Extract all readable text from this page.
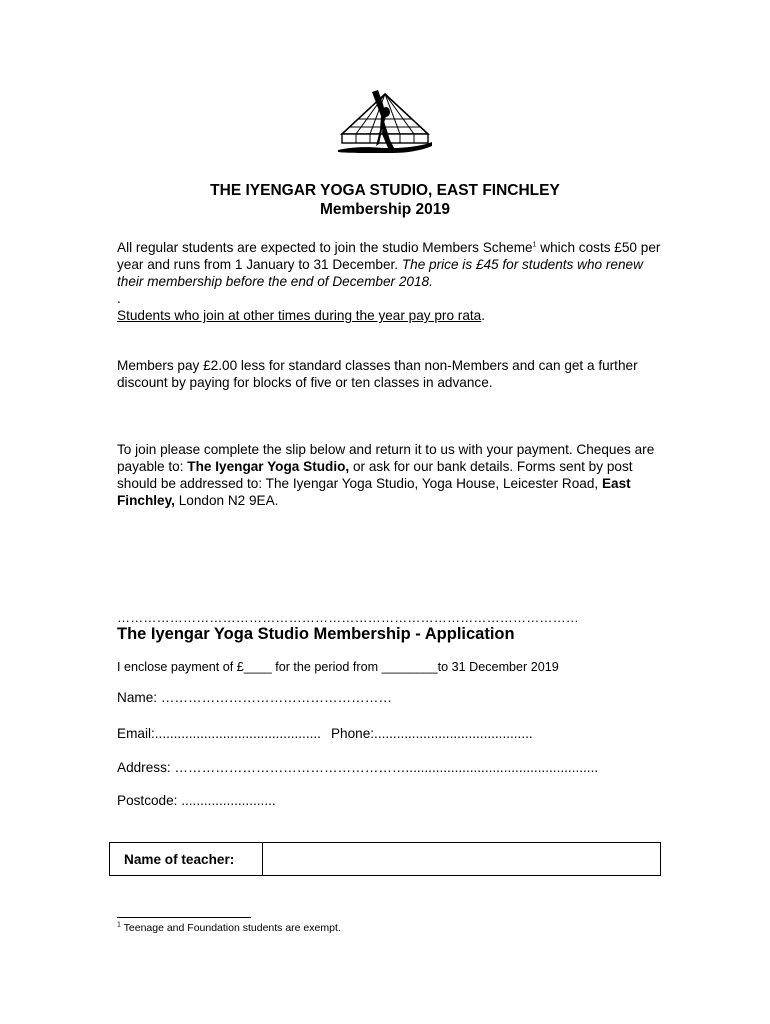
THE IYENGAR YOGA STUDIO, EAST FINCHLEY
Membership 2019
All regular students are expected to join the studio Members Scheme$^1$ which costs £50 per year and runs from 1 January to 31 December. The price is £45 for students who renew their membership before the end of December 2018.
.
Students who join at other times during the year pay pro rata.
Members pay £2.00 less for standard classes than non-Members and can get a further discount by paying for blocks of five or ten classes in advance.
To join please complete the slip below and return it to us with your payment. Cheques are payable to: The Iyengar Yoga Studio, or ask for our bank details. Forms sent by post should be addressed to: The Iyengar Yoga Studio, Yoga House, Leicester Road, East Finchley, London N2 9EA.
……………………………………………………………………………………………
The Iyengar Yoga Studio Membership - Application
I enclose payment of £____ for the period from ________to 31 December 2019
Name: ……………………………………………
Email:............................................ Phone:..........................................
Address: ……………………………………………...................................................
Postcode: .........................
Name of teacher:
$^1$ Teenage and Foundation students are exempt.
